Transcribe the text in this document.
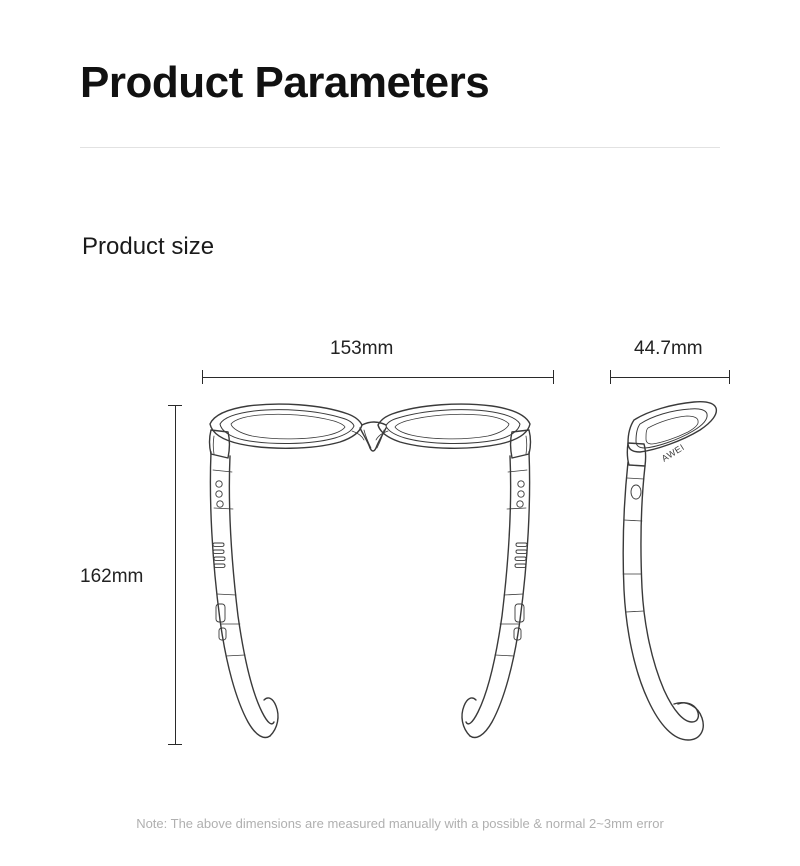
Product Parameters
Product size
153mm	44.7mm
162mm
AWEI
Note: The above dimensions are measured manually with a possible & normal 2~3mm error
